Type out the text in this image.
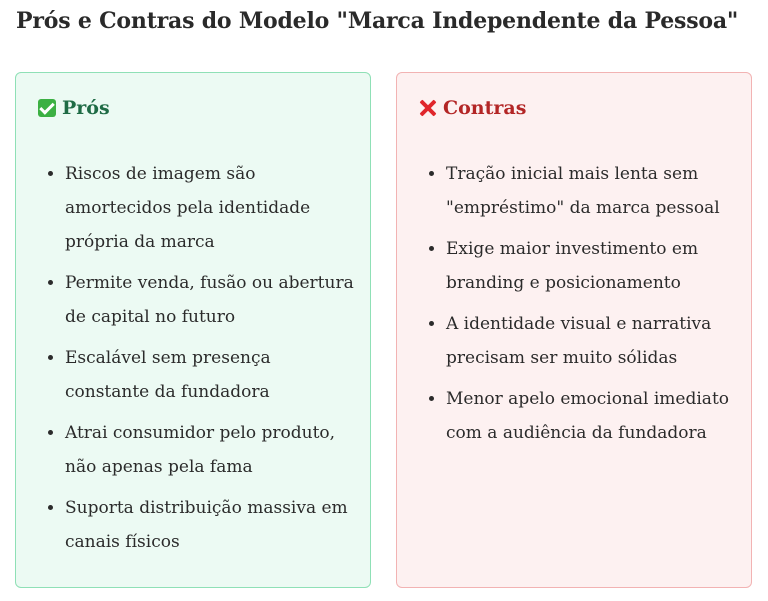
Prós e Contras do Modelo "Marca Independente da Pessoa"
Prós
• Riscos de imagem são amortecidos pela identidade própria da marca
• Permite venda, fusão ou abertura de capital no futuro
• Escalável sem presença constante da fundadora
• Atrai consumidor pelo produto, não apenas pela fama
• Suporta distribuição massiva em canais físicos
Contras
• Tração inicial mais lenta sem "empréstimo" da marca pessoal
• Exige maior investimento em branding e posicionamento
• A identidade visual e narrativa precisam ser muito sólidas
• Menor apelo emocional imediato com a audiência da fundadora
